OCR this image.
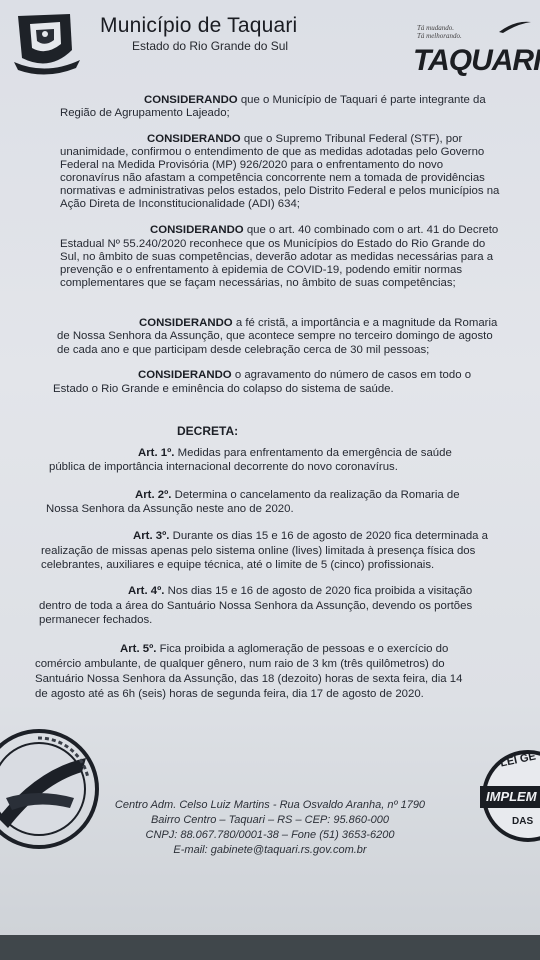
Município de Taquari
Estado do Rio Grande do Sul
Tá mudando.
Tá melhorando.
TAQUARI
CONSIDERANDO que o Município de Taquari é parte integrante da
Região de Agrupamento Lajeado;
CONSIDERANDO que o Supremo Tribunal Federal (STF), por
unanimidade, confirmou o entendimento de que as medidas adotadas pelo Governo
Federal na Medida Provisória (MP) 926/2020 para o enfrentamento do novo
coronavírus não afastam a competência concorrente nem a tomada de providências
normativas e administrativas pelos estados, pelo Distrito Federal e pelos municípios na
Ação Direta de Inconstitucionalidade (ADI) 634;
CONSIDERANDO que o art. 40 combinado com o art. 41 do Decreto
Estadual Nº 55.240/2020 reconhece que os Municípios do Estado do Rio Grande do
Sul, no âmbito de suas competências, deverão adotar as medidas necessárias para a
prevenção e o enfrentamento à epidemia de COVID-19, podendo emitir normas
complementares que se façam necessárias, no âmbito de suas competências;
CONSIDERANDO a fé cristã, a importância e a magnitude da Romaria
de Nossa Senhora da Assunção, que acontece sempre no terceiro domingo de agosto
de cada ano e que participam desde celebração cerca de 30 mil pessoas;
CONSIDERANDO o agravamento do número de casos em todo o
Estado o Rio Grande e eminência do colapso do sistema de saúde.
DECRETA:
Art. 1º. Medidas para enfrentamento da emergência de saúde
pública de importância internacional decorrente do novo coronavírus.
Art. 2º. Determina o cancelamento da realização da Romaria de
Nossa Senhora da Assunção neste ano de 2020.
Art. 3º. Durante os dias 15 e 16 de agosto de 2020 fica determinada a
realização de missas apenas pelo sistema online (lives) limitada à presença física dos
celebrantes, auxiliares e equipe técnica, até o limite de 5 (cinco) profissionais.
Art. 4º. Nos dias 15 e 16 de agosto de 2020 fica proibida a visitação
dentro de toda a área do Santuário Nossa Senhora da Assunção, devendo os portões
permanecer fechados.
Art. 5º. Fica proibida a aglomeração de pessoas e o exercício do
comércio ambulante, de qualquer gênero, num raio de 3 km (três quilômetros) do
Santuário Nossa Senhora da Assunção, das 18 (dezoito) horas de sexta feira, dia 14
de agosto até as 6h (seis) horas de segunda feira, dia 17 de agosto de 2020.
LEI GE
IMPLEM
DAS
Centro Adm. Celso Luiz Martins - Rua Osvaldo Aranha, nº 1790
Bairro Centro – Taquari – RS – CEP: 95.860-000
CNPJ: 88.067.780/0001-38 – Fone (51) 3653-6200
E-mail: gabinete@taquari.rs.gov.com.br
